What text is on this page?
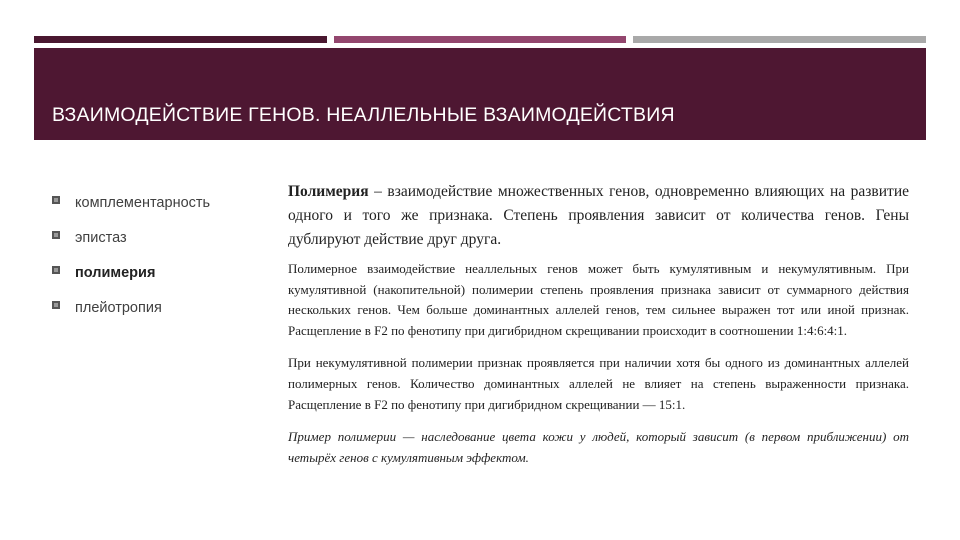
ВЗАИМОДЕЙСТВИЕ ГЕНОВ. НЕАЛЛЕЛЬНЫЕ ВЗАИМОДЕЙСТВИЯ
комплементарность
эпистаз
полимерия
плейотропия

Полимерия – взаимодействие множественных генов, одновременно влияющих на развитие одного и того же признака. Степень проявления зависит от количества генов. Гены дублируют действие друг друга.

Полимерное взаимодействие неаллельных генов может быть кумулятивным и некумулятивным. При кумулятивной (накопительной) полимерии степень проявления признака зависит от суммарного действия нескольких генов. Чем больше доминантных аллелей генов, тем сильнее выражен тот или иной признак. Расщепление в F2 по фенотипу при дигибридном скрещивании происходит в соотношении 1:4:6:4:1.

При некумулятивной полимерии признак проявляется при наличии хотя бы одного из доминантных аллелей полимерных генов. Количество доминантных аллелей не влияет на степень выраженности признака. Расщепление в F2 по фенотипу при дигибридном скрещивании — 15:1.

Пример полимерии — наследование цвета кожи у людей, который зависит (в первом приближении) от четырёх генов с кумулятивным эффектом.
